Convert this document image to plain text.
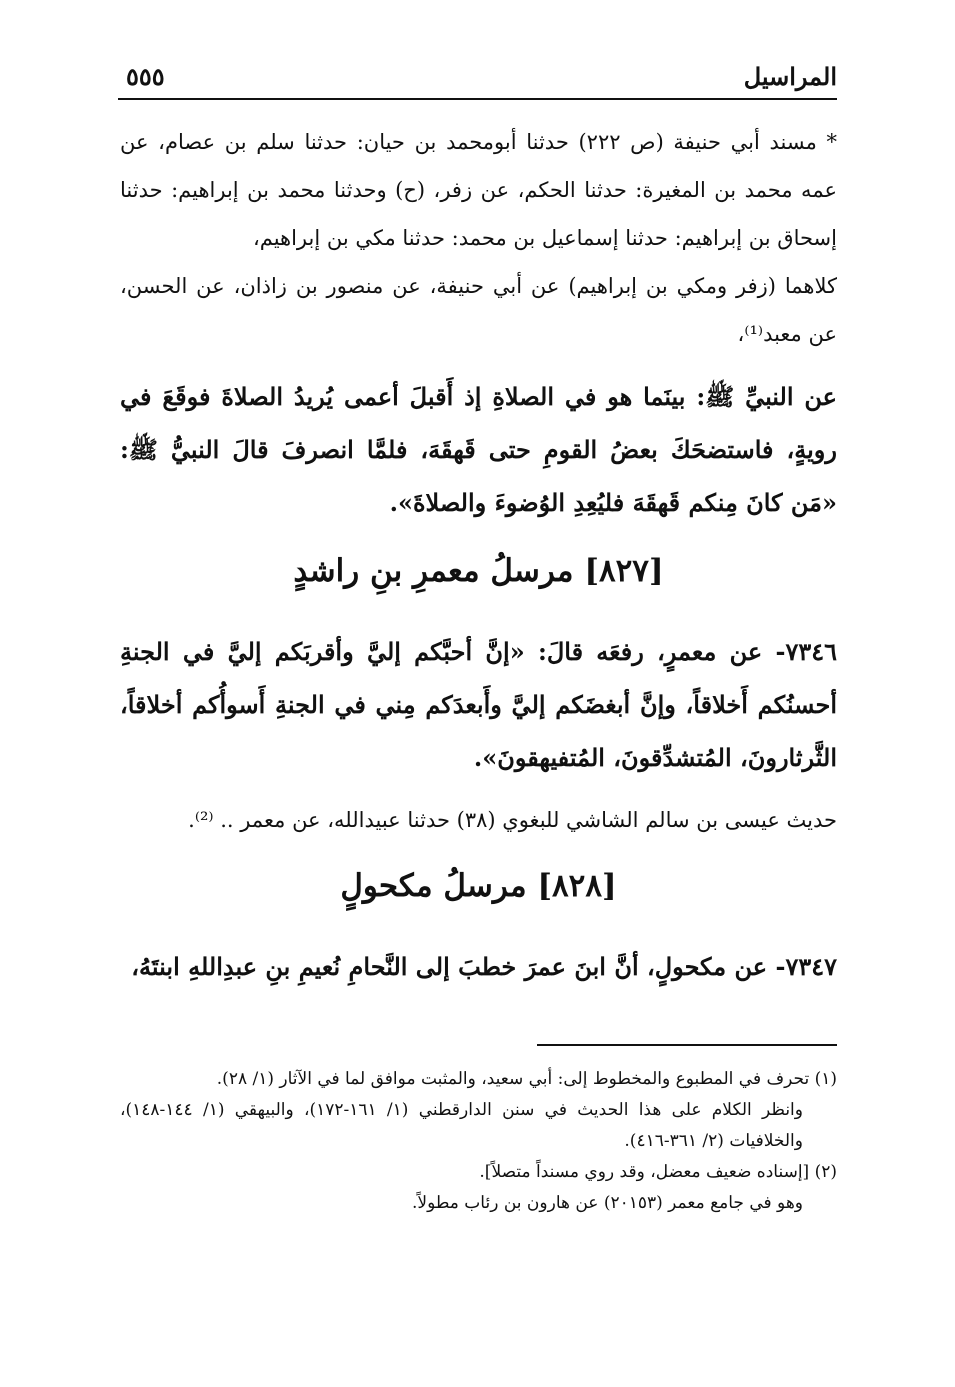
المراسيل
٥٥٥

* مسند أبي حنيفة (ص ٢٢٢) حدثنا أبومحمد بن حيان: حدثنا سلم بن عصام، عن عمه محمد بن المغيرة: حدثنا الحكم، عن زفر، (ح) وحدثنا محمد بن إبراهيم: حدثنا إسحاق بن إبراهيم: حدثنا إسماعيل بن محمد: حدثنا مكي بن إبراهيم،

كلاهما (زفر ومكي بن إبراهيم) عن أبي حنيفة، عن منصور بن زاذان، عن الحسن، عن معبد⁽¹⁾،

عن النبيِّ ﷺ: بينَما هو في الصلاةِ إذ أَقبلَ أعمى يُريدُ الصلاةَ فوقَعَ في رويةٍ، فاستضحَكَ بعضُ القومِ حتى قَهقَهَ، فلمَّا انصرفَ قالَ النبيُّ ﷺ: «مَن كانَ مِنكم قَهقَهَ فليُعِدِ الوُضوءَ والصلاةَ».

[٨٢٧] مرسلُ معمرِ بنِ راشدٍ

٧٣٤٦- عن معمرٍ، رفعَه قالَ: «إنَّ أحبَّكم إليَّ وأقربَكم إليَّ في الجنةِ أحسنُكم أَخلاقاً، وإنَّ أبغضَكم إليَّ وأَبعدَكم مِني في الجنةِ أَسوأُكم أخلاقاً، الثَّرثارونَ، المُتشدِّقونَ، المُتفيهقونَ».

حديث عيسى بن سالم الشاشي للبغوي (٣٨) حدثنا عبيدالله، عن معمر .. ⁽²⁾.

[٨٢٨] مرسلُ مكحولٍ

٧٣٤٧- عن مكحولٍ، أنَّ ابنَ عمرَ خطبَ إلى النَّحامِ نُعيمِ بنِ عبدِاللهِ ابنتَهُ،

(١) تحرف في المطبوع والمخطوط إلى: أبي سعيد، والمثبت موافق لما في الآثار (١/ ٢٨).

وانظر الكلام على هذا الحديث في سنن الدارقطني (١/ ١٦١-١٧٢)، والبيهقي (١/ ١٤٤-١٤٨)، والخلافيات (٢/ ٣٦١-٤١٦).

(٢) [إسناده ضعيف معضل، وقد روي مسنداً متصلاً].

وهو في جامع معمر (٢٠١٥٣) عن هارون بن رئاب مطولاً.
